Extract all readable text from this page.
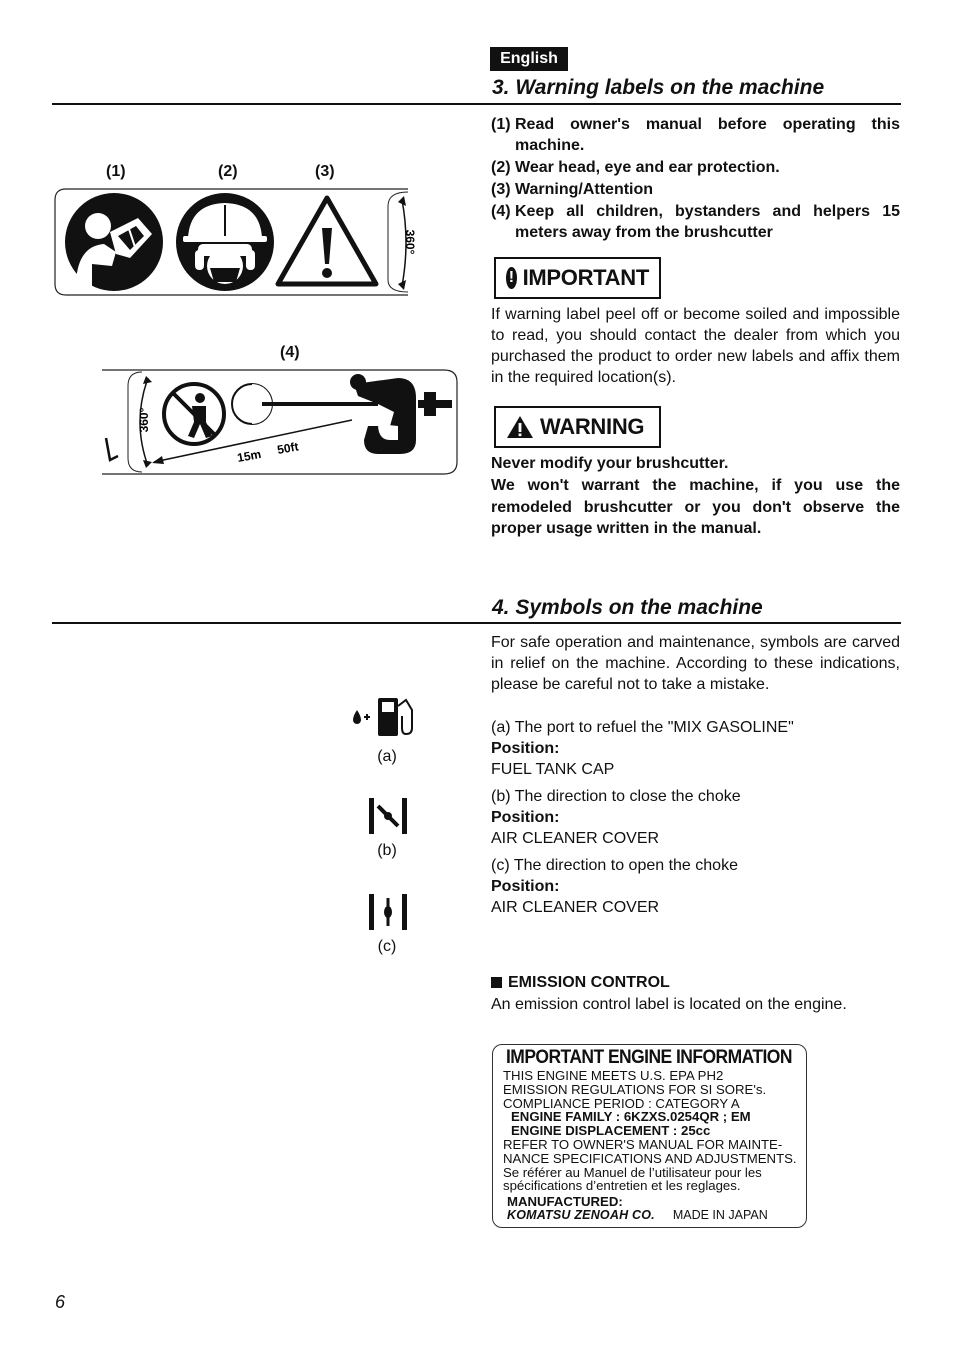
English
3. Warning labels on the machine
(1) Read owner's manual before operating this machine.
(2) Wear head, eye and ear protection.
(3) Warning/Attention
(4) Keep all children, bystanders and helpers 15 meters away from the brushcutter
! IMPORTANT
If warning label peel off or become soiled and impossible to read, you should contact the dealer from which you purchased the product to order new labels and affix them in the required location(s).
WARNING
Never modify your brushcutter.
We won't warrant the machine, if you use the remodeled brushcutter or you don't observe the proper usage written in the manual.
(1)	(2)	(3)
360°
(4)
360°
15m 50ft
4. Symbols on the machine
For safe operation and maintenance, symbols are carved in relief on the machine. According to these indications, please be careful not to take a mistake.
(a)
(b)
(c)
(a) The port to refuel the "MIX GASOLINE"
Position:
FUEL TANK CAP
(b) The direction to close the choke
Position:
AIR CLEANER COVER
(c) The direction to open the choke
Position:
AIR CLEANER COVER
EMISSION CONTROL
An emission control label is located on the engine.
IMPORTANT ENGINE INFORMATION
THIS ENGINE MEETS U.S. EPA PH2
EMISSION REGULATIONS FOR SI SORE's.
COMPLIANCE PERIOD : CATEGORY A
ENGINE FAMILY : 6KZXS.0254QR ; EM
ENGINE DISPLACEMENT : 25cc
REFER TO OWNER'S MANUAL FOR MAINTE-
NANCE SPECIFICATIONS AND ADJUSTMENTS.
Se référer au Manuel de l’utilisateur pour les
spécifications d’entretien et les reglages.
MANUFACTURED:
KOMATSU ZENOAH CO. MADE IN JAPAN
6
